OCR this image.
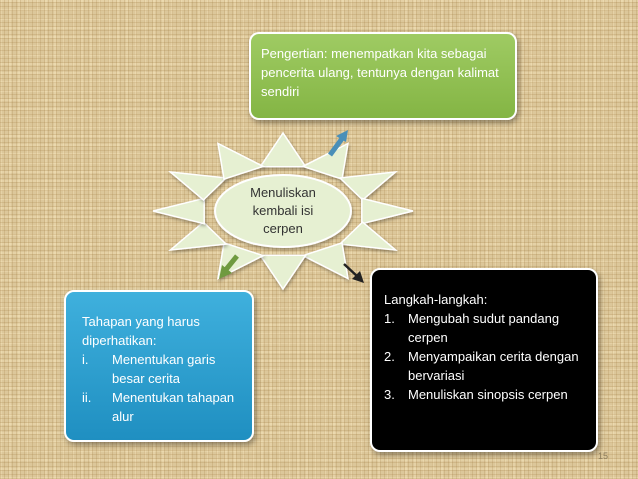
Menuliskan
kembali isi
cerpen
Pengertian: menempatkan kita sebagai pencerita ulang, tentunya dengan kalimat sendiri
Tahapan yang harus diperhatikan:
i.	Menentukan garis besar cerita
ii.	Menentukan tahapan alur
Langkah-langkah:
1.	Mengubah sudut pandang cerpen
2.	Menyampaikan cerita dengan bervariasi
3.	Menuliskan sinopsis cerpen
15
